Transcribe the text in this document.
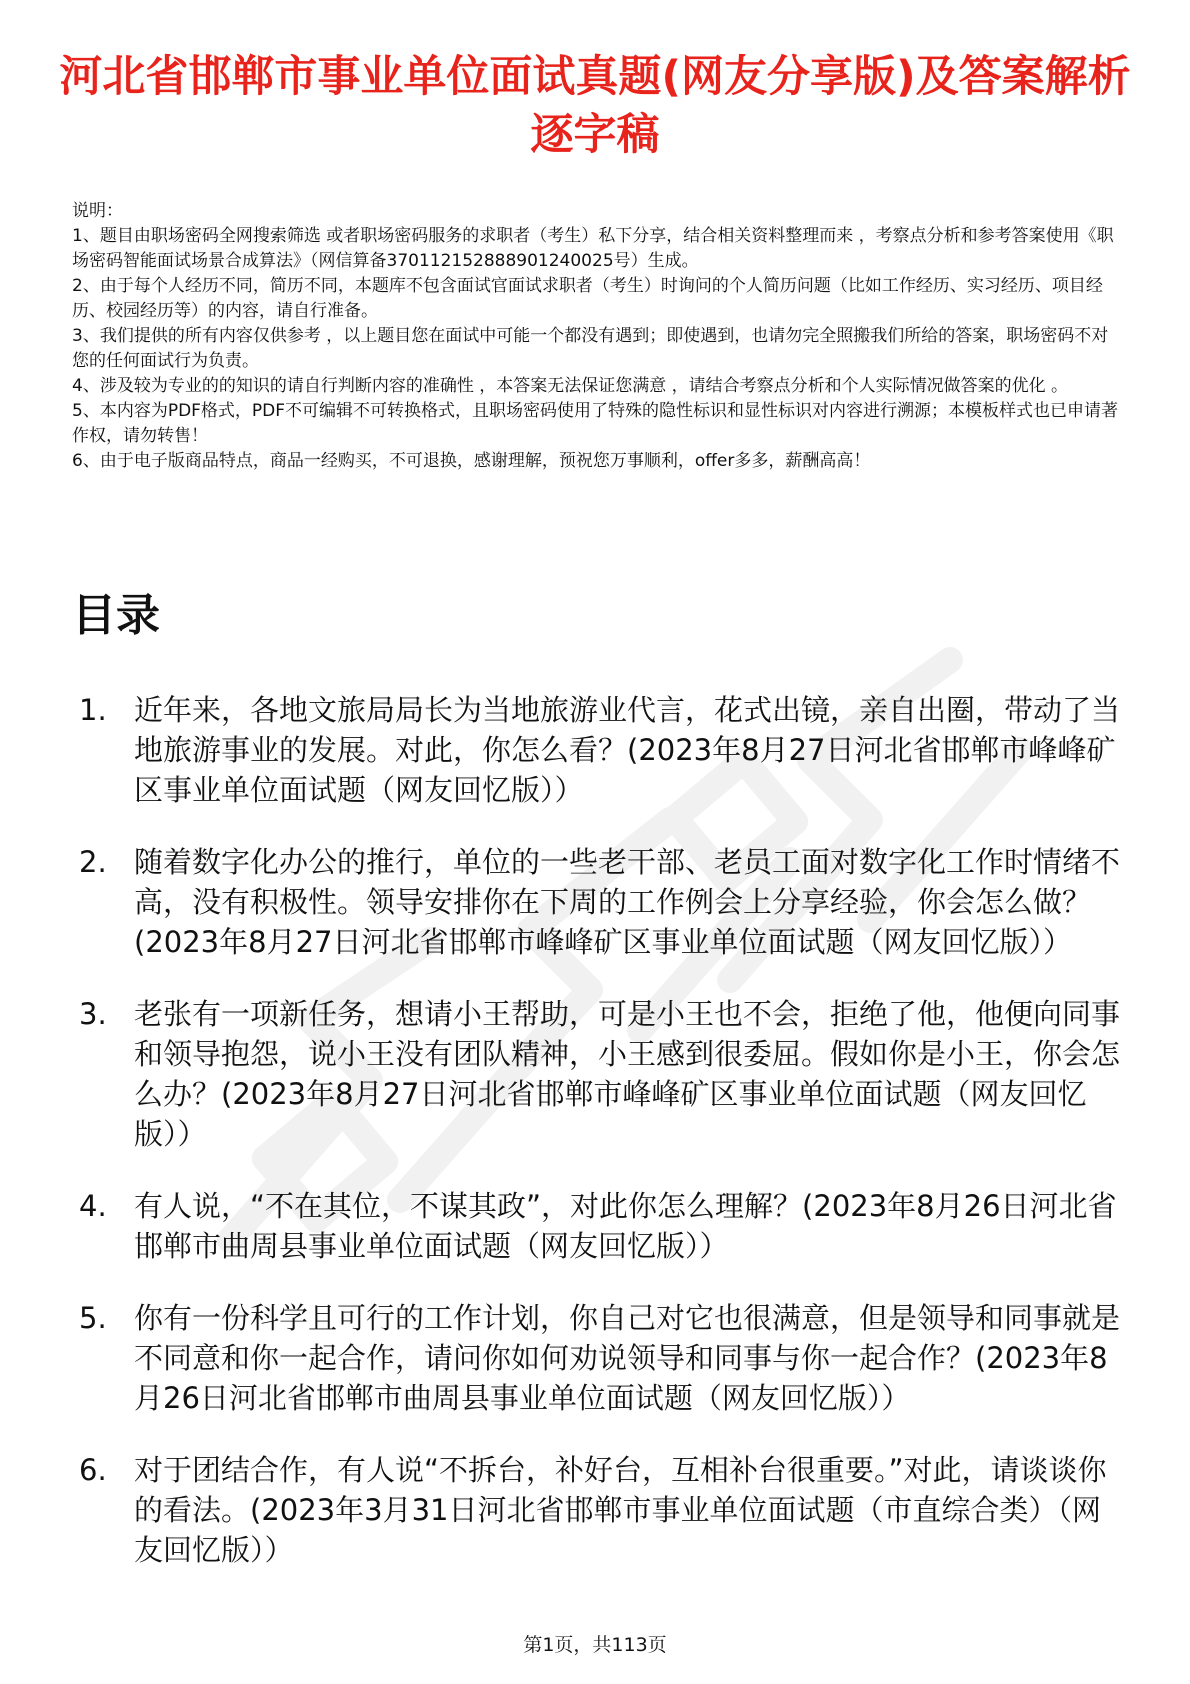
河北省邯郸市事业单位面试真题(网友分享版)及答案解析逐字稿

说明：

1、题目由职场密码全网搜索筛选 或者职场密码服务的求职者（考生）私下分享，结合相关资料整理而来 ，考察点分析和参考答案使用《职场密码智能面试场景合成算法》（网信算备370112152888901240025号）生成。

2、由于每个人经历不同，简历不同，本题库不包含面试官面试求职者（考生）时询问的个人简历问题（比如工作经历、实习经历、项目经历、校园经历等）的内容，请自行准备。

3、我们提供的所有内容仅供参考 ，以上题目您在面试中可能一个都没有遇到；即使遇到，也请勿完全照搬我们所给的答案，职场密码不对您的任何面试行为负责。

4、涉及较为专业的的知识的请自行判断内容的准确性 ，本答案无法保证您满意 ，请结合考察点分析和个人实际情况做答案的优化 。

5、本内容为PDF格式，PDF不可编辑不可转换格式，且职场密码使用了特殊的隐性标识和显性标识对内容进行溯源；本模板样式也已申请著作权，请勿转售！

6、由于电子版商品特点，商品一经购买，不可退换，感谢理解，预祝您万事顺利，offer多多，薪酬高高！

目录
1. 近年来，各地文旅局局长为当地旅游业代言，花式出镜，亲自出圈，带动了当地旅游事业的发展。对此，你怎么看？(2023年8月27日河北省邯郸市峰峰矿区事业单位面试题（网友回忆版））
2. 随着数字化办公的推行，单位的一些老干部、老员工面对数字化工作时情绪不高，没有积极性。领导安排你在下周的工作例会上分享经验，你会怎么做？(2023年8月27日河北省邯郸市峰峰矿区事业单位面试题（网友回忆版））
3. 老张有一项新任务，想请小王帮助，可是小王也不会，拒绝了他，他便向同事和领导抱怨，说小王没有团队精神，小王感到很委屈。假如你是小王，你会怎么办？(2023年8月27日河北省邯郸市峰峰矿区事业单位面试题（网友回忆版））
4. 有人说，“不在其位，不谋其政”，对此你怎么理解？(2023年8月26日河北省邯郸市曲周县事业单位面试题（网友回忆版））
5. 你有一份科学且可行的工作计划，你自己对它也很满意，但是领导和同事就是不同意和你一起合作，请问你如何劝说领导和同事与你一起合作？(2023年8月26日河北省邯郸市曲周县事业单位面试题（网友回忆版））
6. 对于团结合作，有人说“不拆台，补好台，互相补台很重要。”对此，请谈谈你的看法。(2023年3月31日河北省邯郸市事业单位面试题（市直综合类）（网友回忆版））
第1页，共113页
